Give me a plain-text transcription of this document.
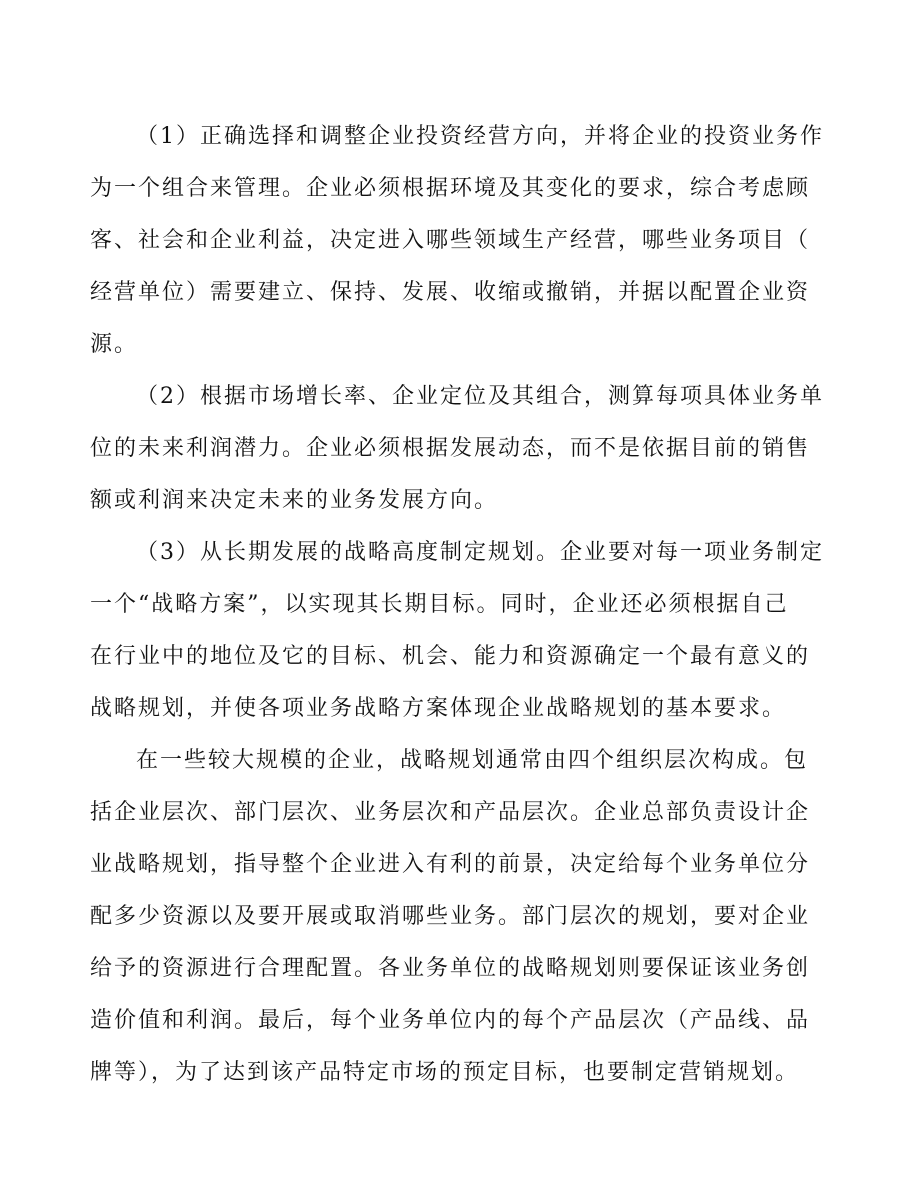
（1）正确选择和调整企业投资经营方向，并将企业的投资业务作

为一个组合来管理。企业必须根据环境及其变化的要求，综合考虑顾

客、社会和企业利益，决定进入哪些领域生产经营，哪些业务项目（

经营单位）需要建立、保持、发展、收缩或撤销，并据以配置企业资

源。

（2）根据市场增长率、企业定位及其组合，测算每项具体业务单

位的未来利润潜力。企业必须根据发展动态，而不是依据目前的销售

额或利润来决定未来的业务发展方向。

（3）从长期发展的战略高度制定规划。企业要对每一项业务制定

一个“战略方案”，以实现其长期目标。同时，企业还必须根据自己

在行业中的地位及它的目标、机会、能力和资源确定一个最有意义的

战略规划，并使各项业务战略方案体现企业战略规划的基本要求。

在一些较大规模的企业，战略规划通常由四个组织层次构成。包

括企业层次、部门层次、业务层次和产品层次。企业总部负责设计企

业战略规划，指导整个企业进入有利的前景，决定给每个业务单位分

配多少资源以及要开展或取消哪些业务。部门层次的规划，要对企业

给予的资源进行合理配置。各业务单位的战略规划则要保证该业务创

造价值和利润。最后，每个业务单位内的每个产品层次（产品线、品

牌等），为了达到该产品特定市场的预定目标，也要制定营销规划。
